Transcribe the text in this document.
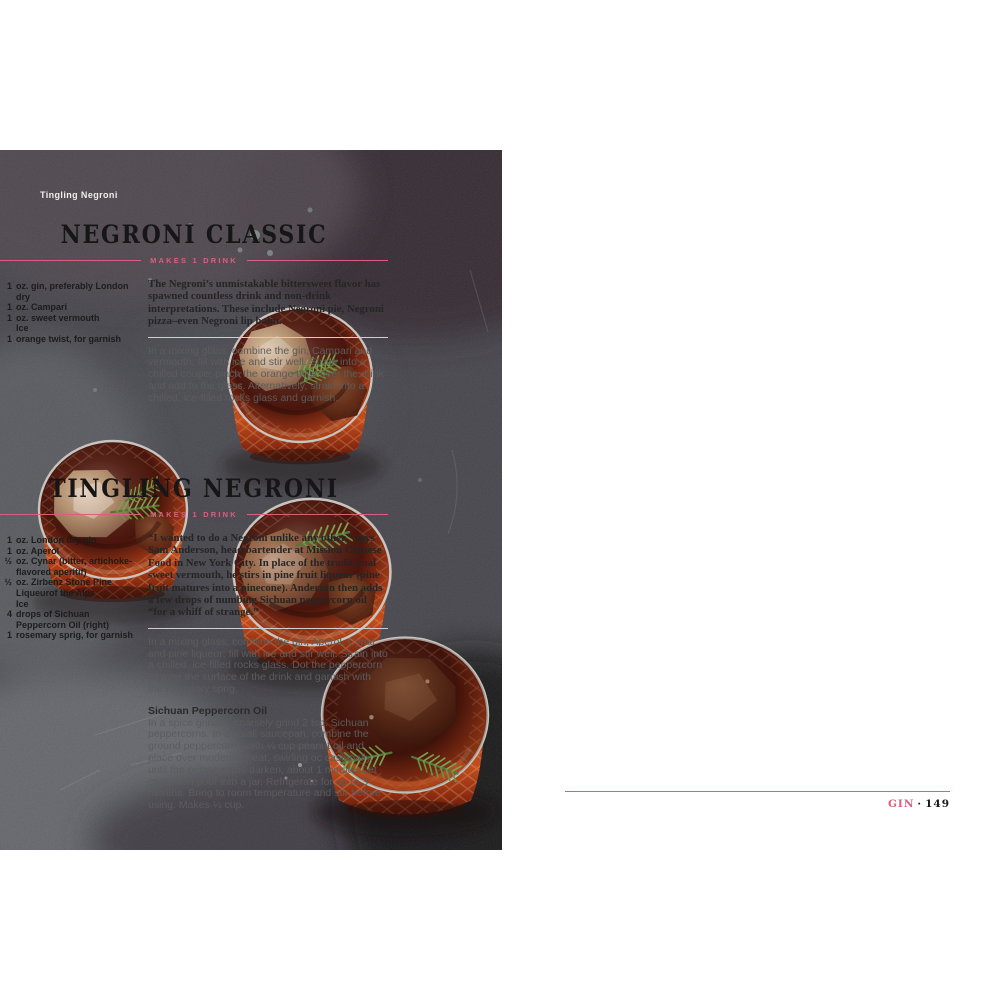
Tingling Negroni
NEGRONI CLASSIC
MAKES 1 DRINK
1 oz. gin, preferably London dry
1 oz. Campari
1 oz. sweet vermouth
Ice
1 orange twist, for garnish

The Negroni’s unmistakable bittersweet flavor has spawned countless drink and non-drink interpretations. These include Negroni pie, Negroni pizza–even Negroni lip balm.

In a mixing glass, combine the gin, Campari and vermouth; fill with ice and stir well. Strain into a chilled coupe; pinch the orange twist over the drink and add to the glass. Alternatively, strain into a chilled, ice-filled rocks glass and garnish.

TINGLING NEGRONI
MAKES 1 DRINK
1 oz. London dry gin
1 oz. Aperol
½ oz. Cynar (bitter, artichoke-flavored aperitif)
½ oz. Zirbenz Stone Pine Liqueurof the Alps
Ice
4 drops of Sichuan Peppercorn Oil (right)
1 rosemary sprig, for garnish

“I wanted to do a Negroni unlike any other,” says Sam Anderson, head bartender at Mission Chinese Food in New York City. In place of the traditional sweet vermouth, he stirs in pine fruit liqueur (pine fruit matures into a pinecone). Anderson then adds a few drops of numbing Sichuan peppercorn oil “for a whiff of strange.”

In a mixing glass, combine the gin, Aperol, Cynar and pine liqueur; fill with ice and stir well. Strain into a chilled, ice-filled rocks glass. Dot the peppercorn oil over the surface of the drink and garnish with the rosemary sprig.

Sichuan Peppercorn Oil

In a spice grinder, coarsely grind 2 tsp. Sichuan peppercorns. In a small saucepan, combine the ground peppercorns with ¼ cup peanut oil and place over moderate heat, swirling oc casionally, until the peppercorns darken, about 1 minute. Let cool, then pour into a jar. Refrigerate for up to 3 months. Bring to room temperature and stir before using. Makes ¼ cup.	GIN · 149
